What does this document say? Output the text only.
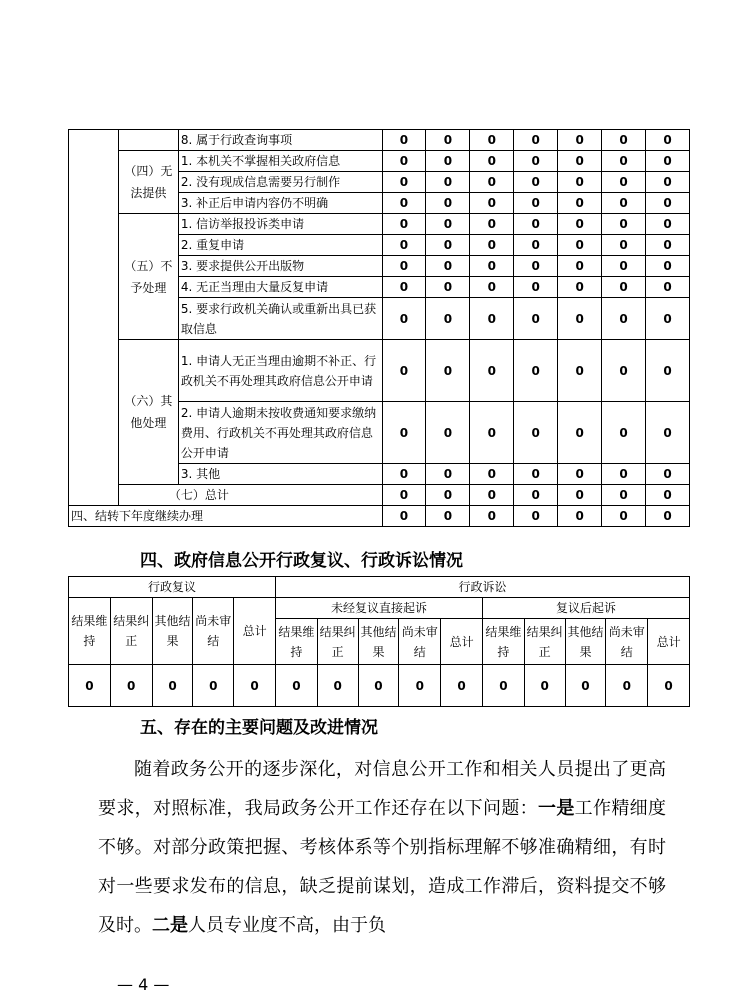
		8. 属于行政查询事项	0	0	0	0	0	0	0
	（四）无法提供	1. 本机关不掌握相关政府信息	0	0	0	0	0	0	0
		2. 没有现成信息需要另行制作	0	0	0	0	0	0	0
		3. 补正后申请内容仍不明确	0	0	0	0	0	0	0
	（五）不予处理	1. 信访举报投诉类申请	0	0	0	0	0	0	0
		2. 重复申请	0	0	0	0	0	0	0
		3. 要求提供公开出版物	0	0	0	0	0	0	0
		4. 无正当理由大量反复申请	0	0	0	0	0	0	0
		5. 要求行政机关确认或重新出具已获取信息	0	0	0	0	0	0	0
	（六）其他处理	1. 申请人无正当理由逾期不补正、行政机关不再处理其政府信息公开申请	0	0	0	0	0	0	0
		2. 申请人逾期未按收费通知要求缴纳费用、行政机关不再处理其政府信息公开申请	0	0	0	0	0	0	0
		3. 其他	0	0	0	0	0	0	0
	（七）总计		0	0	0	0	0	0	0
四、结转下年度继续办理			0	0	0	0	0	0	0
四、政府信息公开行政复议、行政诉讼情况
行政复议					行政诉讼									
结果维持	结果纠正	其他结果	尚未审结	总计	未经复议直接起诉					复议后起诉				
					结果维持	结果纠正	其他结果	尚未审结	总计	结果维持	结果纠正	其他结果	尚未审结	总计
0	0	0	0	0	0	0	0	0	0	0	0	0	0	0
五、存在的主要问题及改进情况

随着政务公开的逐步深化，对信息公开工作和相关人员提出了更高要求，对照标准，我局政务公开工作还存在以下问题：一是工作精细度不够。对部分政策把握、考核体系等个别指标理解不够准确精细，有时对一些要求发布的信息，缺乏提前谋划，造成工作滞后，资料提交不够及时。二是人员专业度不高，由于负

— 4 —
